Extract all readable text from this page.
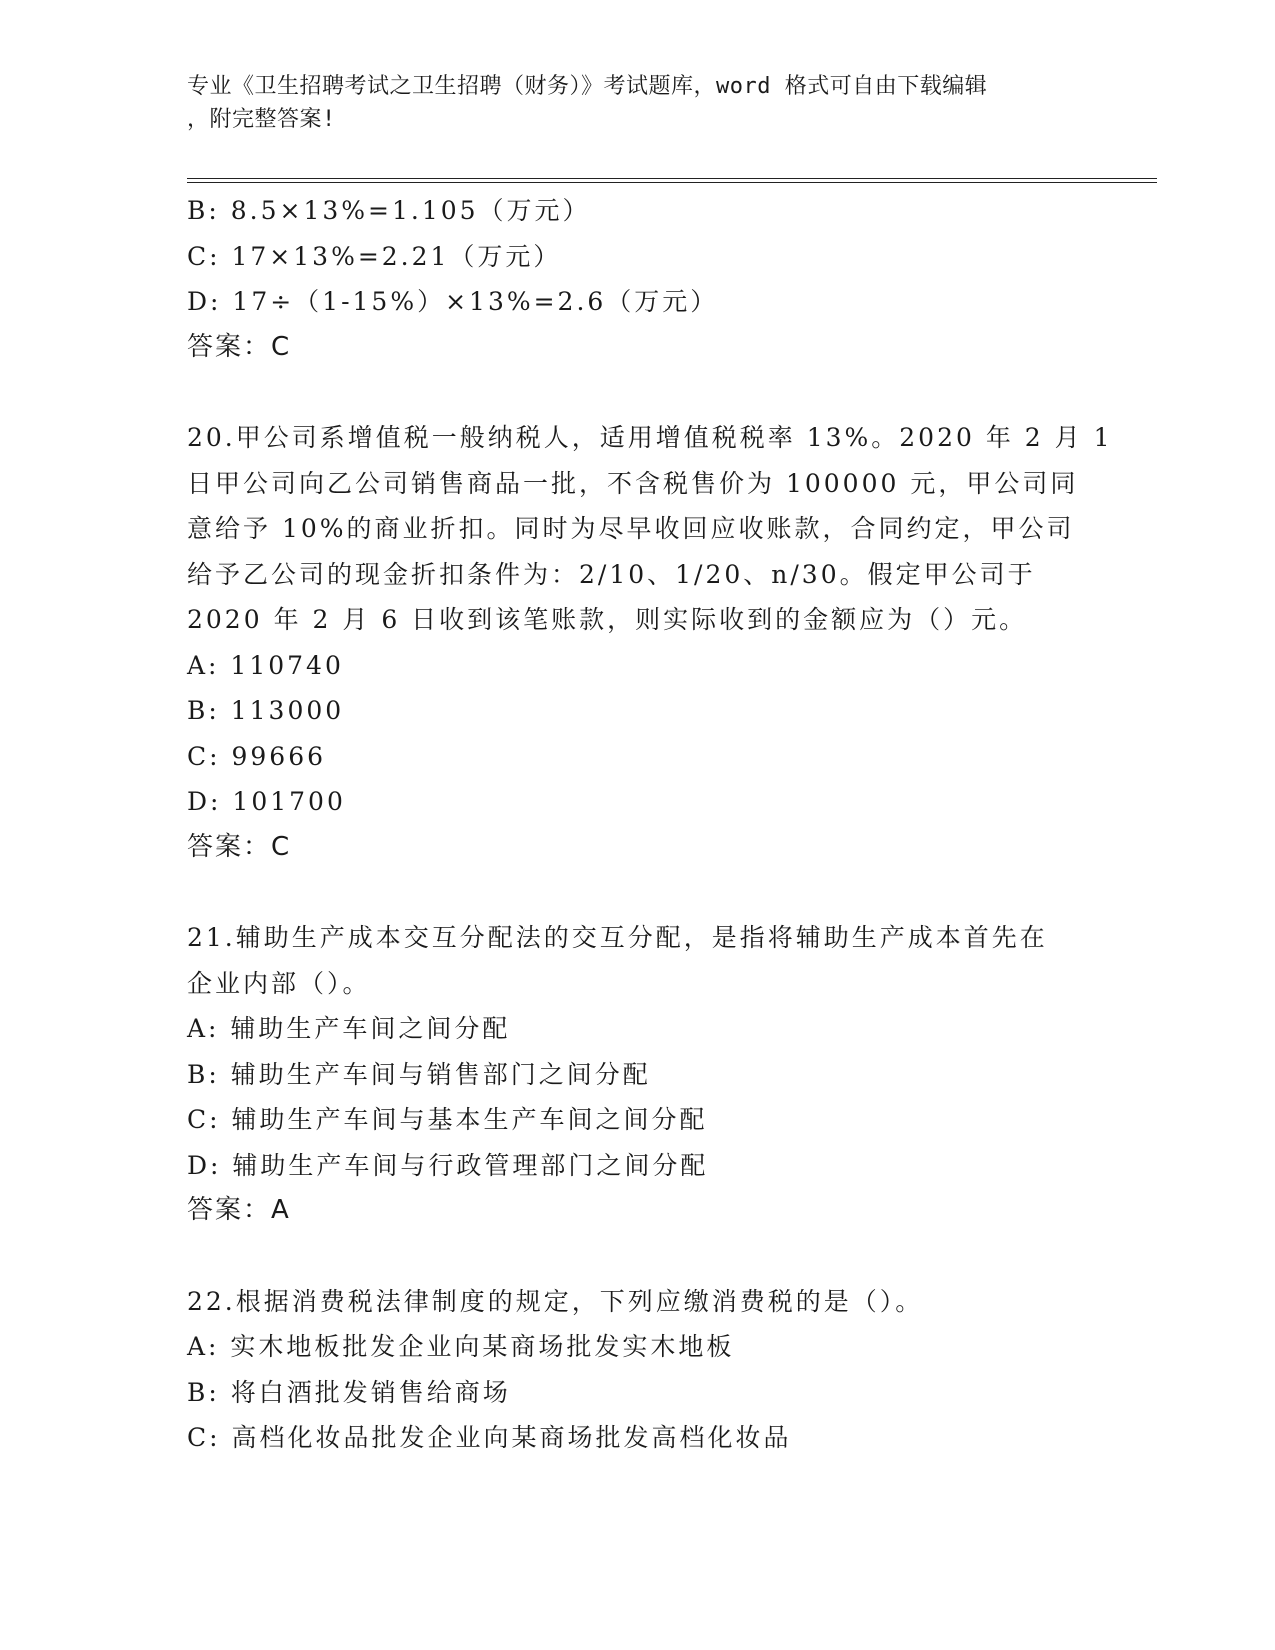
专业《卫生招聘考试之卫生招聘（财务）》考试题库，word 格式可自由下载编辑
，附完整答案!
B: 8.5×13%=1.105（万元）
C: 17×13%=2.21（万元）
D: 17÷（1-15%）×13%=2.6（万元）
答案：C
20.甲公司系增值税一般纳税人，适用增值税税率 13%。2020 年 2 月 1
日甲公司向乙公司销售商品一批，不含税售价为 100000 元，甲公司同
意给予 10%的商业折扣。同时为尽早收回应收账款，合同约定，甲公司
给予乙公司的现金折扣条件为：2/10、1/20、n/30。假定甲公司于
2020 年 2 月 6 日收到该笔账款，则实际收到的金额应为（）元。
A: 110740
B: 113000
C: 99666
D: 101700
答案：C
21.辅助生产成本交互分配法的交互分配，是指将辅助生产成本首先在
企业内部（）。
A: 辅助生产车间之间分配
B: 辅助生产车间与销售部门之间分配
C: 辅助生产车间与基本生产车间之间分配
D: 辅助生产车间与行政管理部门之间分配
答案：A
22.根据消费税法律制度的规定，下列应缴消费税的是（）。
A: 实木地板批发企业向某商场批发实木地板
B: 将白酒批发销售给商场
C: 高档化妆品批发企业向某商场批发高档化妆品
